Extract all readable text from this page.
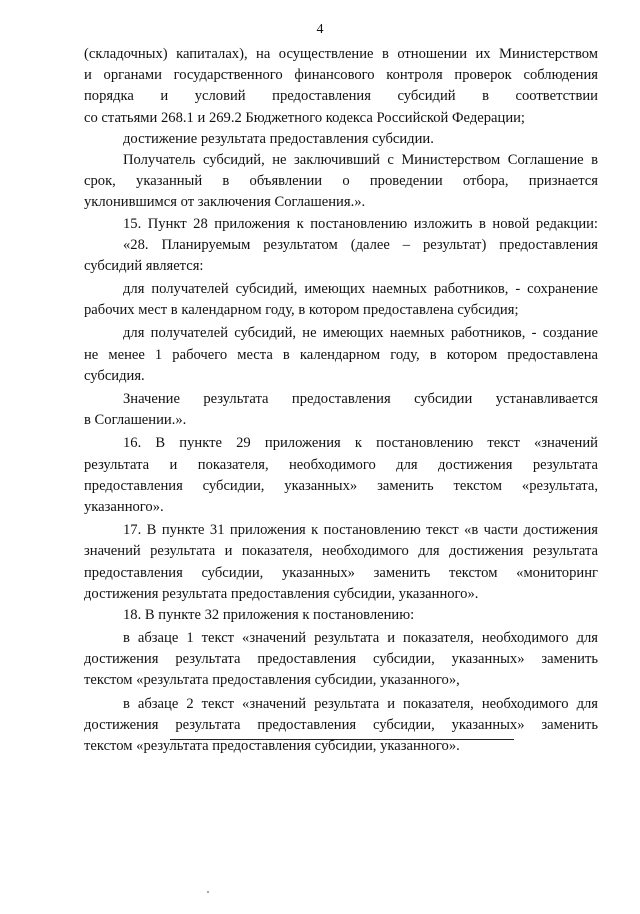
4
(складочных) капиталах), на осуществление в отношении их Министерством
и органами государственного финансового контроля проверок соблюдения
порядка и условий предоставления субсидий в соответствии
со статьями 268.1 и 269.2 Бюджетного кодекса Российской Федерации;
достижение результата предоставления субсидии.
Получатель субсидий, не заключивший с Министерством Соглашение в
срок, указанный в объявлении о проведении отбора, признается
уклонившимся от заключения Соглашения.».
15. Пункт 28 приложения к постановлению изложить в новой редакции:
«28. Планируемым результатом (далее – результат) предоставления
субсидий является:
для получателей субсидий, имеющих наемных работников, - сохранение
рабочих мест в календарном году, в котором предоставлена субсидия;
для получателей субсидий, не имеющих наемных работников, - создание
не менее 1 рабочего места в календарном году, в котором предоставлена
субсидия.
Значение результата предоставления субсидии устанавливается
в Соглашении.».
16. В пункте 29 приложения к постановлению текст «значений
результата и показателя, необходимого для достижения результата
предоставления субсидии, указанных» заменить текстом «результата,
указанного».
17. В пункте 31 приложения к постановлению текст «в части достижения
значений результата и показателя, необходимого для достижения результата
предоставления субсидии, указанных» заменить текстом «мониторинг
достижения результата предоставления субсидии, указанного».
18. В пункте 32 приложения к постановлению:
в абзаце 1 текст «значений результата и показателя, необходимого для
достижения результата предоставления субсидии, указанных» заменить
текстом «результата предоставления субсидии, указанного»,
в абзаце 2 текст «значений результата и показателя, необходимого для
достижения результата предоставления субсидии, указанных» заменить
текстом «результата предоставления субсидии, указанного».
